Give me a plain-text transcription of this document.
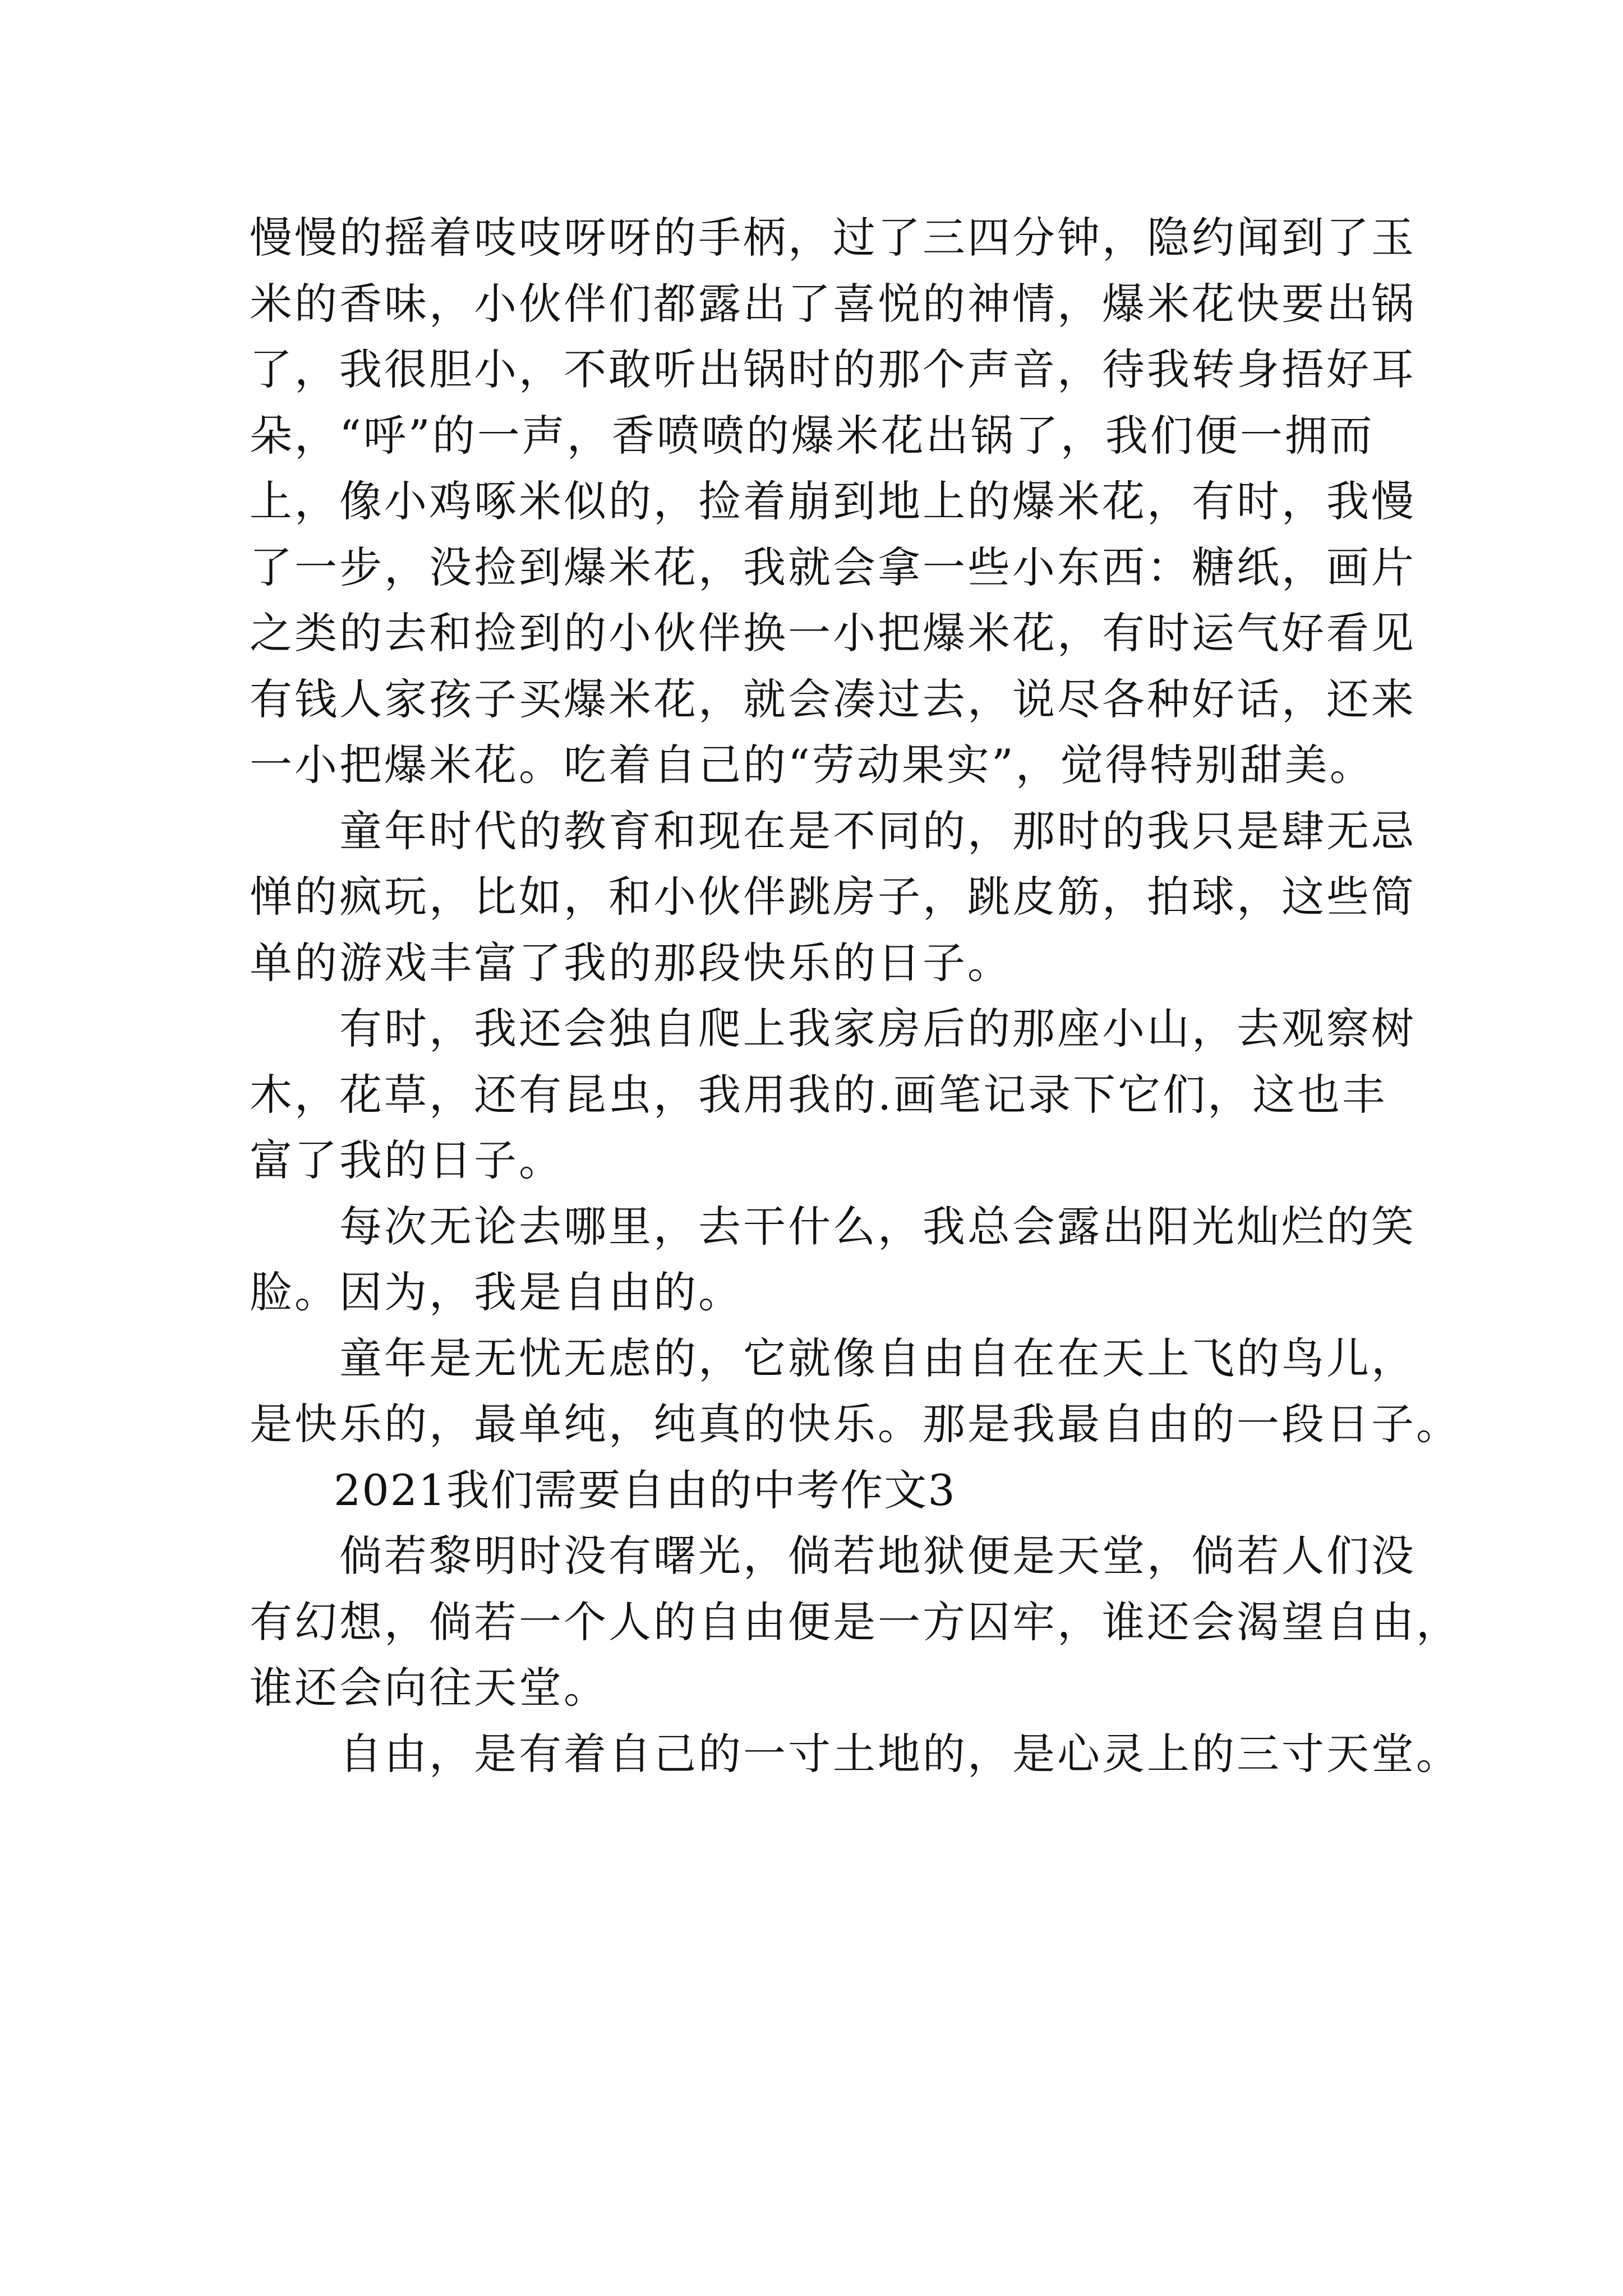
慢慢的摇着吱吱呀呀的手柄，过了三四分钟，隐约闻到了玉
米的香味，小伙伴们都露出了喜悦的神情，爆米花快要出锅
了，我很胆小，不敢听出锅时的那个声音，待我转身捂好耳
朵，“呼”的一声，香喷喷的爆米花出锅了，我们便一拥而
上，像小鸡啄米似的，捡着崩到地上的爆米花，有时，我慢
了一步，没捡到爆米花，我就会拿一些小东西：糖纸，画片
之类的去和捡到的小伙伴换一小把爆米花，有时运气好看见
有钱人家孩子买爆米花，就会凑过去，说尽各种好话，还来
一小把爆米花。吃着自己的“劳动果实”，觉得特别甜美。
童年时代的教育和现在是不同的，那时的我只是肆无忌
惮的疯玩，比如，和小伙伴跳房子，跳皮筋，拍球，这些简
单的游戏丰富了我的那段快乐的日子。
有时，我还会独自爬上我家房后的那座小山，去观察树
木，花草，还有昆虫，我用我的.画笔记录下它们，这也丰
富了我的日子。
每次无论去哪里，去干什么，我总会露出阳光灿烂的笑
脸。因为，我是自由的。
童年是无忧无虑的，它就像自由自在在天上飞的鸟儿，
是快乐的，最单纯，纯真的快乐。那是我最自由的一段日子。
2021我们需要自由的中考作文3
倘若黎明时没有曙光，倘若地狱便是天堂，倘若人们没
有幻想，倘若一个人的自由便是一方囚牢，谁还会渴望自由，
谁还会向往天堂。
自由，是有着自己的一寸土地的，是心灵上的三寸天堂。
